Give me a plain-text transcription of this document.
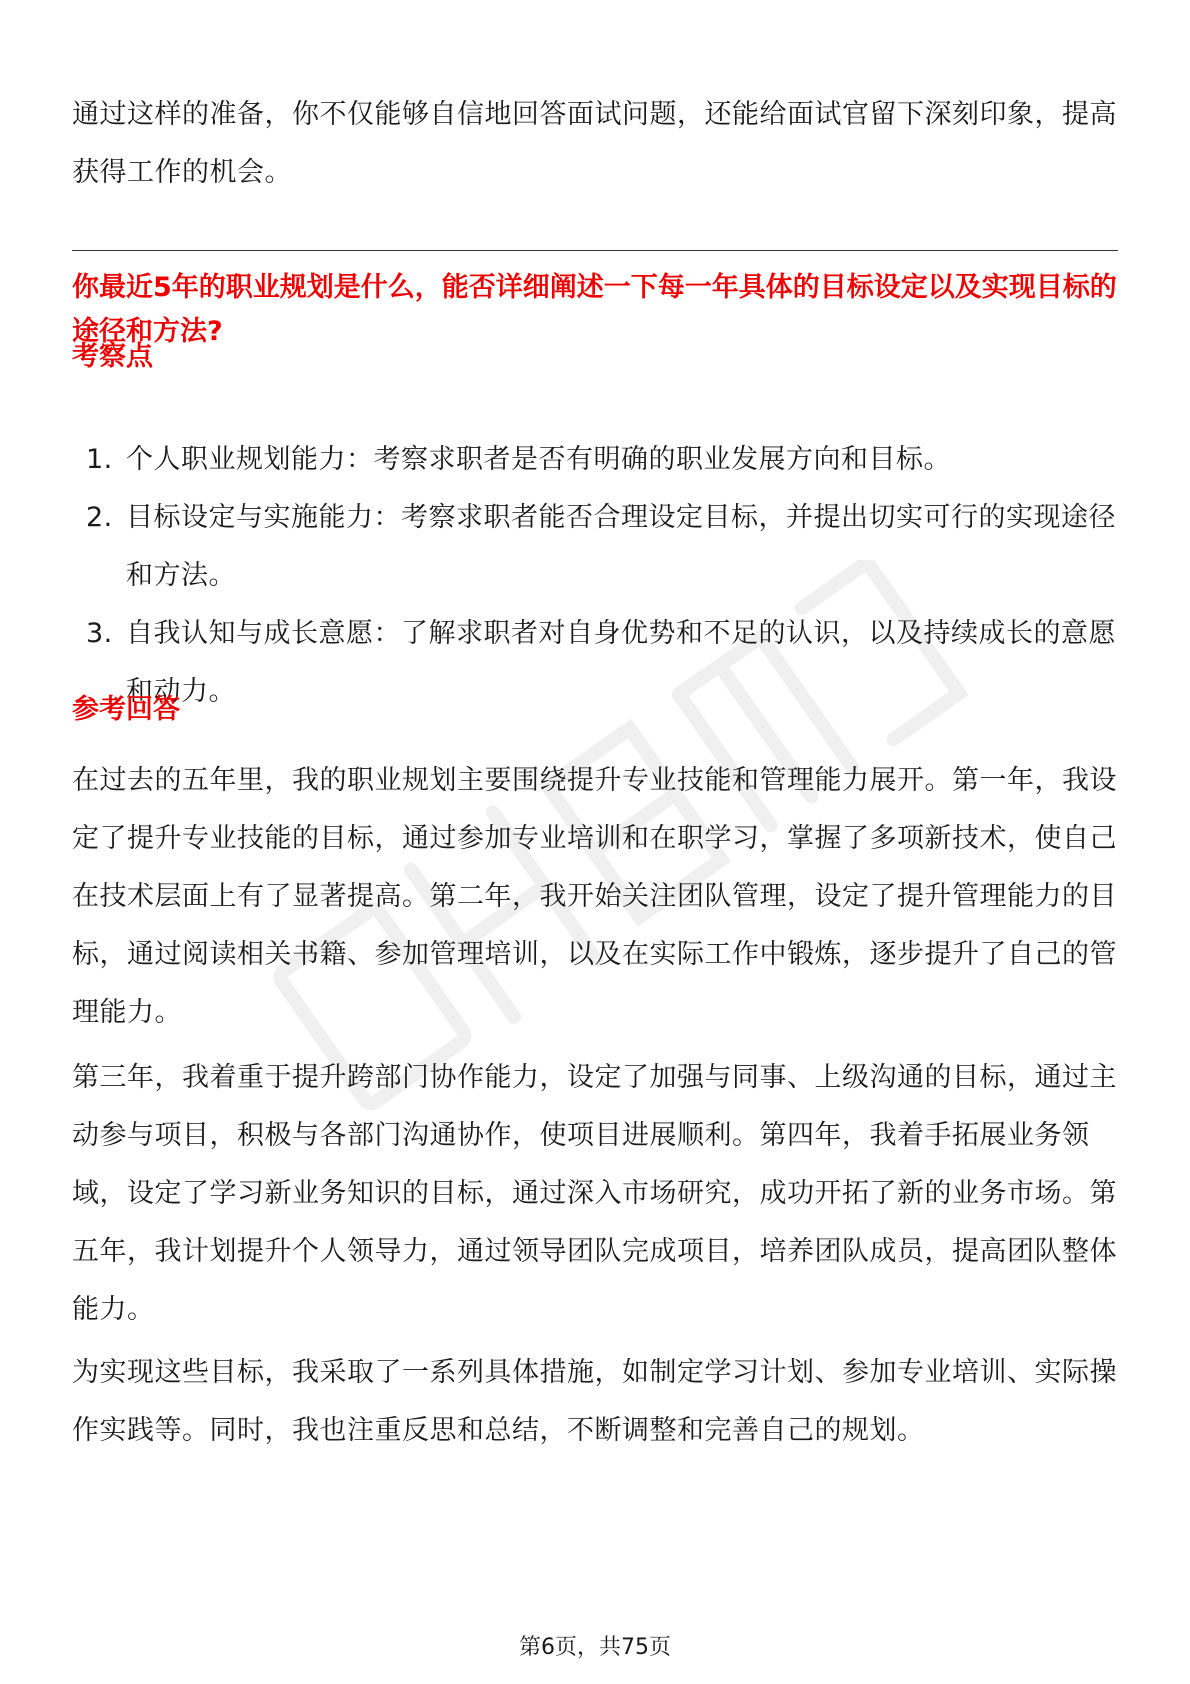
通过这样的准备，你不仅能够自信地回答面试问题，还能给面试官留下深刻印象，提高获得工作的机会。

你最近5年的职业规划是什么，能否详细阐述一下每一年具体的目标设定以及实现目标的途径和方法?

考察点

1. 个人职业规划能力：考察求职者是否有明确的职业发展方向和目标。
2. 目标设定与实施能力：考察求职者能否合理设定目标，并提出切实可行的实现途径和方法。
3. 自我认知与成长意愿：了解求职者对自身优势和不足的认识，以及持续成长的意愿和动力。

参考回答

在过去的五年里，我的职业规划主要围绕提升专业技能和管理能力展开。第一年，我设定了提升专业技能的目标，通过参加专业培训和在职学习，掌握了多项新技术，使自己在技术层面上有了显著提高。第二年，我开始关注团队管理，设定了提升管理能力的目标，通过阅读相关书籍、参加管理培训，以及在实际工作中锻炼，逐步提升了自己的管理能力。

第三年，我着重于提升跨部门协作能力，设定了加强与同事、上级沟通的目标，通过主动参与项目，积极与各部门沟通协作，使项目进展顺利。第四年，我着手拓展业务领域，设定了学习新业务知识的目标，通过深入市场研究，成功开拓了新的业务市场。第五年，我计划提升个人领导力，通过领导团队完成项目，培养团队成员，提高团队整体能力。

为实现这些目标，我采取了一系列具体措施，如制定学习计划、参加专业培训、实际操作实践等。同时，我也注重反思和总结，不断调整和完善自己的规划。

第6页，共75页
